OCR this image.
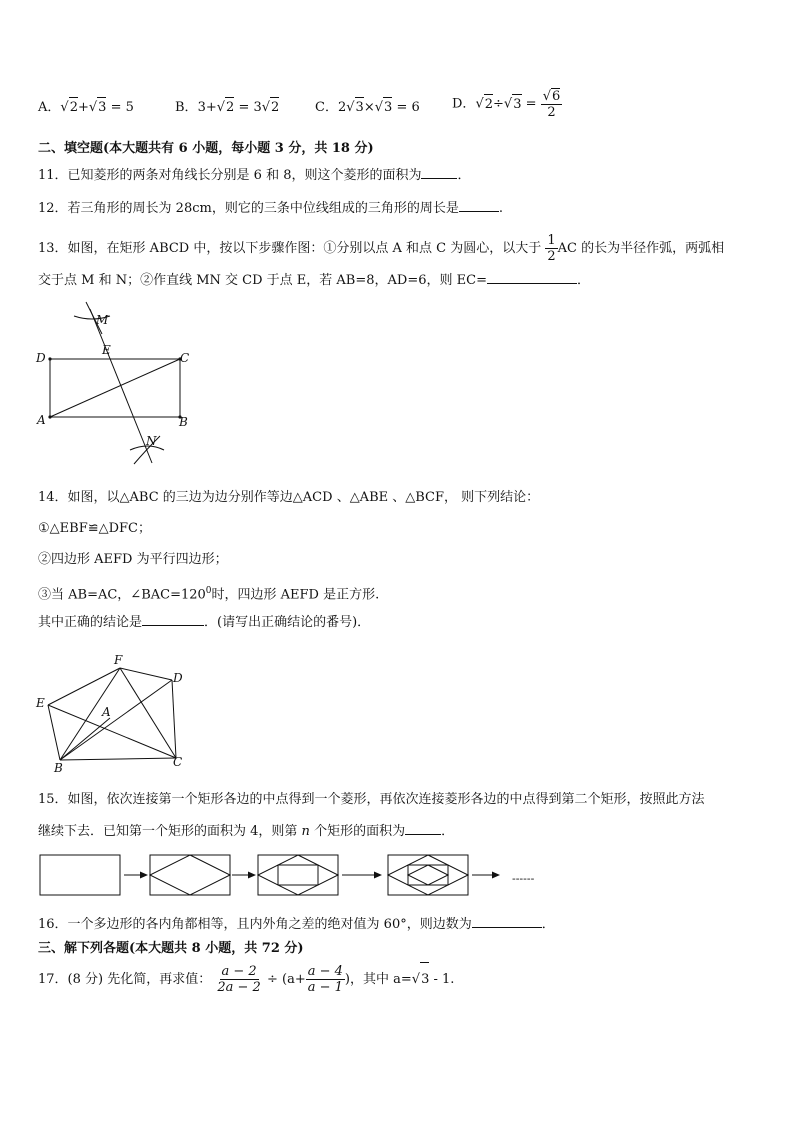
A．√2+√3 = 5	B．3+√2 = 3√2	C．2√3×√3 = 6 D．$√2\div√3 = \frac{√6}{2}$
二、填空题(本大题共有 6 小题，每小题 3 分，共 18 分)
11．已知菱形的两条对角线长分别是 6 和 8，则这个菱形的面积为	．
12．若三角形的周长为 28cm，则它的三条中位线组成的三角形的周长是	.
13．如图，在矩形 ABCD 中，按以下步骤作图：①分别以点 A 和点 C 为圆心，以大于 $\frac{1}{2}$ AC 的长为半径作弧，两弧相
交于点 M 和 N；②作直线 MN 交 CD 于点 E，若 AB=8，AD=6，则 EC=	．
M
N
D
E
C
A	B
14．如图，以△ABC 的三边为边分别作等边△ACD 、△ABE 、△BCF， 则下列结论：
①△EBF≌△DFC；
②四边形 AEFD 为平行四边形；
③当 AB=AC，$\angle BAC=120^0$时，四边形 AEFD 是正方形.
其中正确的结论是	．(请写出正确结论的番号)．
F
D
E
A
B	C
15．如图，依次连接第一个矩形各边的中点得到一个菱形，再依次连接菱形各边的中点得到第二个矩形，按照此方法
继续下去．已知第一个矩形的面积为 4，则第 n 个矩形的面积为	．
------
16．一个多边形的各内角都相等，且内外角之差的绝对值为 60°，则边数为	．
三、解下列各题(本大题共 8 小题，共 72 分)
17．(8 分) 先化简，再求值： $\frac{a - 2}{2a - 2} \div (a+ \frac{a - 4}{a - 1}$ )，其中 a=√3 - 1.
